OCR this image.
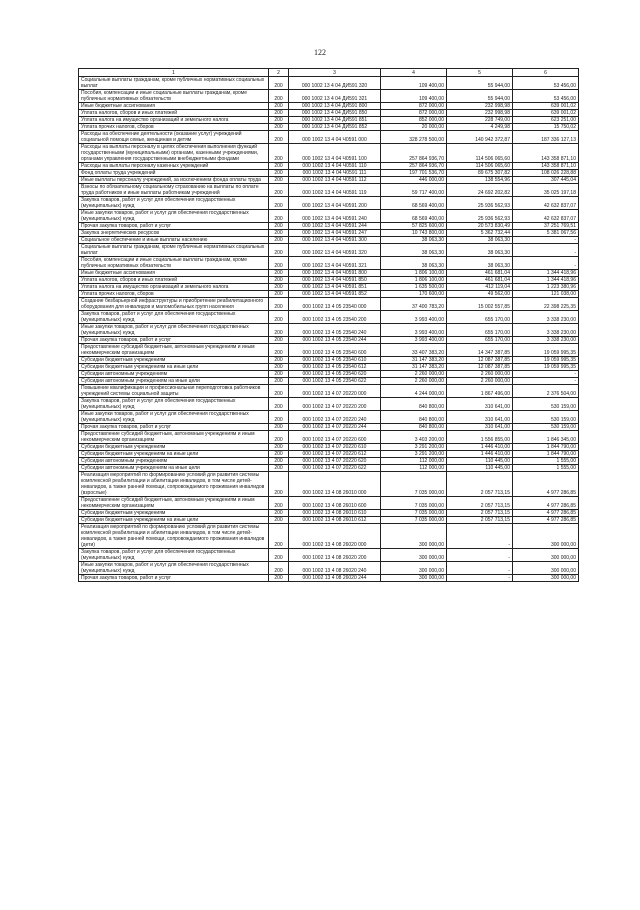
122
1	2	3	4	5	6
Социальные выплаты гражданам, кроме публичных нормативных социальных выплат	200	000 1002 13 4 04 ДИ591 320	109 400,00	55 944,00	53 456,00
Пособия, компенсации и иные социальные выплаты гражданам, кроме публичных нормативных обязательств	200	000 1002 13 4 04 ДИ591 321	109 400,00	55 944,00	53 456,00
Иные бюджетные ассигнования	200	000 1002 13 4 04 ДИ591 800	872 000,00	232 998,98	639 001,02
Уплата налогов, сборов и иных платежей	200	000 1002 13 4 04 ДИ591 850	872 000,00	232 998,98	639 001,02
Уплата налога на имущество организаций и земельного налога	200	000 1002 13 4 04 ДИ591 851	852 000,00	228 749,00	623 251,00
Уплата прочих налогов, сборов	200	000 1002 13 4 04 ДИ591 852	20 000,00	4 249,98	15 750,02
Расходы на обеспечение деятельности (оказание услуг) учреждений социальной помощи семье, женщинам и детям	200	000 1002 13 4 04 Ч0591 000	328 278 500,00	140 942 372,87	187 336 127,13
Расходы на выплаты персоналу в целях обеспечения выполнения функций государственными (муниципальными) органами, казенными учреждениями, органами управления государственными внебюджетными фондами	200	000 1002 13 4 04 Ч0591 100	257 864 936,70	114 506 065,60	143 358 871,10
Расходы на выплаты персоналу казенных учреждений	200	000 1002 13 4 04 Ч0591 110	257 864 936,70	114 506 065,60	143 358 871,10
Фонд оплаты труда учреждений	200	000 1002 13 4 04 Ч0591 111	197 701 536,70	89 675 307,82	108 026 228,88
Иные выплаты персоналу учреждений, за исключением фонда оплаты труда	200	000 1002 13 4 04 Ч0591 112	446 000,00	138 554,96	307 445,04
Взносы по обязательному социальному страхованию на выплаты по оплате труда работников и иные выплаты работникам учреждений	200	000 1002 13 4 04 Ч0591 119	59 717 400,00	24 692 202,82	35 025 197,18
Закупка товаров, работ и услуг для обеспечения государственных (муниципальных) нужд	200	000 1002 13 4 04 Ч0591 200	68 569 400,00	25 936 562,93	42 632 837,07
Иные закупки товаров, работ и услуг для обеспечения государственных (муниципальных) нужд	200	000 1002 13 4 04 Ч0591 240	68 569 400,00	25 936 562,93	42 632 837,07
Прочая закупка товаров, работ и услуг	200	000 1002 13 4 04 Ч0591 244	57 825 600,00	20 573 830,49	37 251 769,51
Закупка энергетических ресурсов	200	000 1002 13 4 04 Ч0591 247	10 743 800,00	5 362 732,44	5 381 067,56
Социальное обеспечение и иные выплаты населению	200	000 1002 13 4 04 Ч0591 300	38 063,30	38 063,30	-
Социальные выплаты гражданам, кроме публичных нормативных социальных выплат	200	000 1002 13 4 04 Ч0591 320	38 063,30	38 063,30	-
Пособия, компенсации и иные социальные выплаты гражданам, кроме публичных нормативных обязательств	200	000 1002 13 4 04 Ч0591 321	38 063,30	38 063,30	-
Иные бюджетные ассигнования	200	000 1002 13 4 04 Ч0591 800	1 806 100,00	461 681,04	1 344 418,96
Уплата налогов, сборов и иных платежей	200	000 1002 13 4 04 Ч0591 850	1 806 100,00	461 681,04	1 344 418,96
Уплата налога на имущество организаций и земельного налога	200	000 1002 13 4 04 Ч0591 851	1 635 500,00	412 119,04	1 223 380,96
Уплата прочих налогов, сборов	200	000 1002 13 4 04 Ч0591 852	170 600,00	49 562,00	121 038,00
Создание безбарьерной инфраструктуры и приобретение реабилитационного оборудования для инвалидов и маломобильных групп населения	200	000 1002 13 4 05 23540 000	37 400 783,20	15 002 557,85	22 398 225,35
Закупка товаров, работ и услуг для обеспечения государственных (муниципальных) нужд	200	000 1002 13 4 05 23540 200	3 993 400,00	655 170,00	3 338 230,00
Иные закупки товаров, работ и услуг для обеспечения государственных (муниципальных) нужд	200	000 1002 13 4 05 23540 240	3 993 400,00	655 170,00	3 338 230,00
Прочая закупка товаров, работ и услуг	200	000 1002 13 4 05 23540 244	3 993 400,00	655 170,00	3 338 230,00
Предоставление субсидий бюджетным, автономным учреждениям и иным некоммерческим организациям	200	000 1002 13 4 05 23540 600	33 407 383,20	14 347 387,85	19 059 995,35
Субсидии бюджетным учреждениям	200	000 1002 13 4 05 23540 610	31 147 383,20	12 087 387,85	19 059 995,35
Субсидии бюджетным учреждениям на иные цели	200	000 1002 13 4 05 23540 612	31 147 383,20	12 087 387,85	19 059 995,35
Субсидии автономным учреждениям	200	000 1002 13 4 05 23540 620	2 260 000,00	2 260 000,00	-
Субсидии автономным учреждениям на иные цели	200	000 1002 13 4 05 23540 622	2 260 000,00	2 260 000,00	-
Повышение квалификации и профессиональная переподготовка работников учреждений системы социальной защиты	200	000 1002 13 4 07 20220 000	4 244 000,00	1 867 496,00	2 376 504,00
Закупка товаров, работ и услуг для обеспечения государственных (муниципальных) нужд	200	000 1002 13 4 07 20220 200	840 800,00	310 641,00	530 159,00
Иные закупки товаров, работ и услуг для обеспечения государственных (муниципальных) нужд	200	000 1002 13 4 07 20220 240	840 800,00	310 641,00	530 159,00
Прочая закупка товаров, работ и услуг	200	000 1002 13 4 07 20220 244	840 800,00	310 641,00	530 159,00
Предоставление субсидий бюджетным, автономным учреждениям и иным некоммерческим организациям	200	000 1002 13 4 07 20220 600	3 403 200,00	1 556 855,00	1 846 345,00
Субсидии бюджетным учреждениям	200	000 1002 13 4 07 20220 610	3 291 200,00	1 446 410,00	1 844 790,00
Субсидии бюджетным учреждениям на иные цели	200	000 1002 13 4 07 20220 612	3 291 200,00	1 446 410,00	1 844 790,00
Субсидии автономным учреждениям	200	000 1002 13 4 07 20220 620	112 000,00	110 445,00	1 555,00
Субсидии автономным учреждениям на иные цели	200	000 1002 13 4 07 20220 622	112 000,00	110 445,00	1 555,00
Реализация мероприятий по формированию условий для развития системы комплексной реабилитации и абилитации инвалидов, в том числе детей-инвалидов, а также ранней помощи, сопровождаемого проживания инвалидов (взрослые)	200	000 1002 13 4 08 26010 000	7 035 000,00	2 057 713,15	4 977 286,85
Предоставление субсидий бюджетным, автономным учреждениям и иным некоммерческим организациям	200	000 1002 13 4 08 26010 600	7 035 000,00	2 057 713,15	4 977 286,85
Субсидии бюджетным учреждениям	200	000 1002 13 4 08 26010 610	7 035 000,00	2 057 713,15	4 977 286,85
Субсидии бюджетным учреждениям на иные цели	200	000 1002 13 4 08 26010 612	7 035 000,00	2 057 713,15	4 977 286,85
Реализация мероприятий по формированию условий для развития системы комплексной реабилитации и абилитации инвалидов, в том числе детей-инвалидов, а также ранней помощи, сопровождаемого проживания инвалидов (дети)	200	000 1002 13 4 08 26020 000	300 000,00	-	300 000,00
Закупка товаров, работ и услуг для обеспечения государственных (муниципальных) нужд	200	000 1002 13 4 08 26020 200	300 000,00	-	300 000,00
Иные закупки товаров, работ и услуг для обеспечения государственных (муниципальных) нужд	200	000 1002 13 4 08 26020 240	300 000,00	-	300 000,00
Прочая закупка товаров, работ и услуг	200	000 1002 13 4 08 26020 244	300 000,00	-	300 000,00
